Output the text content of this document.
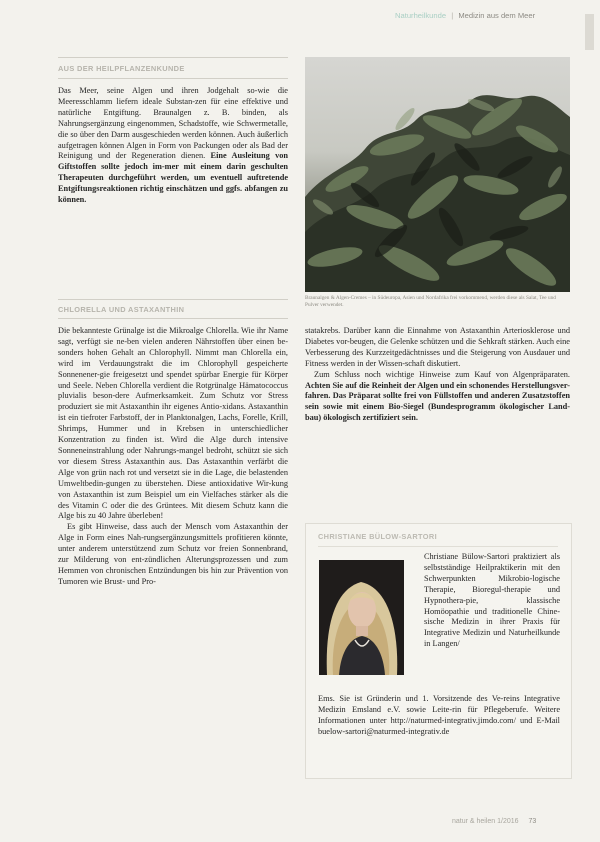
Naturheilkunde | Medizin aus dem Meer
AUS DER HEILPFLANZENKUNDE

Das Meer, seine Algen und ihren Jodgehalt so-wie die Meeresschlamm liefern ideale Substan-zen für eine effektive und natürliche Entgiftung. Braunalgen z. B. binden, als Nahrungsergänzung eingenommen, Schadstoffe, wie Schwermetalle, die so über den Darm ausgeschieden werden können. Auch äußerlich aufgetragen können Algen in Form von Packungen oder als Bad der Reinigung und der Regeneration dienen. Eine Ausleitung von Giftstoffen sollte jedoch im-mer mit einem darin geschulten Therapeuten durchgeführt werden, um eventuell auftretende Entgiftungsreaktionen richtig einschätzen und ggfs. abfangen zu können.

CHLORELLA UND ASTAXANTHIN

Die bekannteste Grünalge ist die Mikroalge Chlorella. Wie ihr Name sagt, verfügt sie ne-ben vielen anderen Nährstoffen über einen be-sonders hohen Gehalt an Chlorophyll. Nimmt man Chlorella ein, wird im Verdauungstrakt die im Chlorophyll gespeicherte Sonnenener-gie freigesetzt und spendet spürbar Energie für Körper und Seele. Neben Chlorella verdient die Rotgrünalge Hämatococcus pluvialis beson-dere Aufmerksamkeit. Zum Schutz vor Stress produziert sie mit Astaxanthin ihr eigenes Antio-xidans. Astaxanthin ist ein tiefroter Farbstoff, der in Planktonalgen, Lachs, Forelle, Krill, Shrimps, Hummer und in Krebsen in unterschiedlicher Konzentration zu finden ist. Wird die Alge durch intensive Sonneneinstrahlung oder Nahrungs-mangel bedroht, schützt sie sich vor diesem Stress Astaxanthin aus. Das Astaxanthin verfärbt die Alge von grün nach rot und versetzt sie in die Lage, die belastenden Umweltbedin-gungen zu überstehen. Diese antioxidative Wir-kung von Astaxanthin ist zum Beispiel um ein Vielfaches stärker als die des Vitamin C oder die des Grüntees. Mit diesem Schutz kann die Alge bis zu 40 Jahre überleben!

Es gibt Hinweise, dass auch der Mensch vom Astaxanthin der Alge in Form eines Nah-rungsergänzungsmittels profitieren könnte, unter anderem unterstützend zum Schutz vor freien Sonnenbrand, zur Milderung von ent-zündlichen Alterungsprozessen und zum Hemmen von chronischen Entzündungen bis hin zur Prävention von Tumoren wie Brust- und Pro-

Braunalgen & Algen-Cremes – in Südeuropa, Asien und Nordafrika frei vorkommend, werden diese als Salat, Tee und Pulver verwendet.

statakrebs. Darüber kann die Einnahme von Astaxanthin Arteriosklerose und Diabetes vor-beugen, die Gelenke schützen und die Sehkraft stärken. Auch eine Verbesserung des Kurzzeitgedächtnisses und die Steigerung von Ausdauer und Fitness werden in der Wissen-schaft diskutiert.

Zum Schluss noch wichtige Hinweise zum Kauf von Algenpräparaten. Achten Sie auf die Reinheit der Algen und ein schonendes Herstellungsver-fahren. Das Präparat sollte frei von Füllstoffen und anderen Zusatzstoffen sein sowie mit einem Bio-Siegel (Bundesprogramm ökologischer Land-bau) ökologisch zertifiziert sein.

CHRISTIANE BÜLOW-SARTORI
Christiane Bülow-Sartori praktiziert als selbstständige Heilpraktikerin mit den Schwerpunkten Mikrobio-logische Therapie, Bioregul-therapie und Hypnothera-pie, klassische Homöopathie und traditionelle Chine-sische Medizin in ihrer Praxis für Integrative Medizin und Naturheilkunde in Langen/
Ems. Sie ist Gründerin und 1. Vorsitzende des Ve-reins Integrative Medizin Emsland e.V. sowie Leite-rin für Pflegeberufe. Weitere Informationen unter http://naturmed-integrativ.jimdo.com/ und E-Mail buelow-sartori@naturmed-integrativ.de
natur & heilen 1/2016 73
